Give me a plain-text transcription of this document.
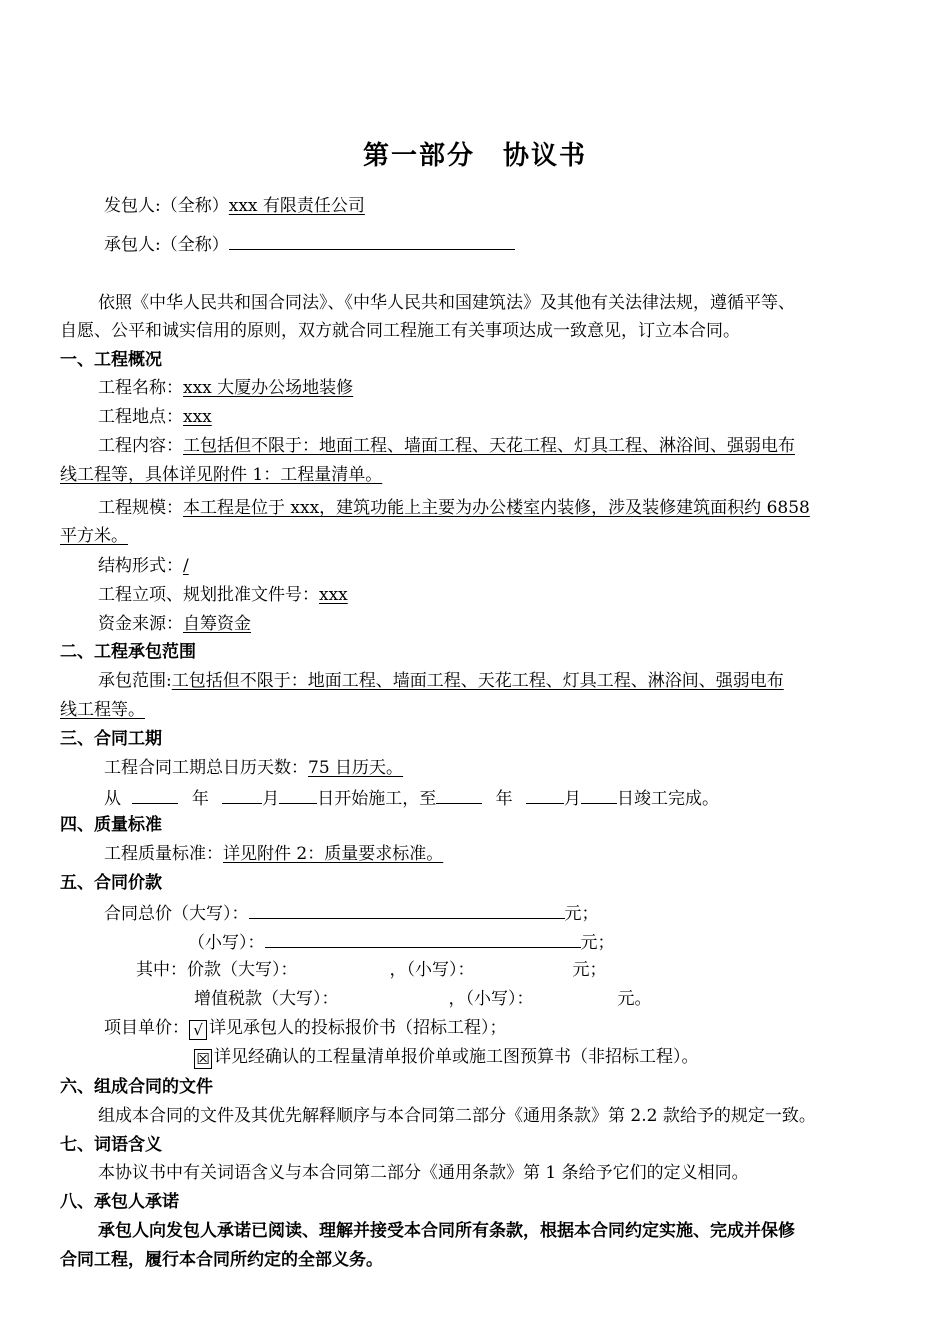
第一部分　协议书
发包人:（全称）xxx 有限责任公司
承包人:（全称）
依照《中华人民共和国合同法》、《中华人民共和国建筑法》及其他有关法律法规，遵循平等、
自愿、公平和诚实信用的原则，双方就合同工程施工有关事项达成一致意见，订立本合同。
一、工程概况
工程名称：xxx 大厦办公场地装修
工程地点：xxx
工程内容：工包括但不限于：地面工程、墙面工程、天花工程、灯具工程、淋浴间、强弱电布
线工程等，具体详见附件 1：工程量清单。
工程规模：本工程是位于 xxx，建筑功能上主要为办公楼室内装修，涉及装修建筑面积约 6858
平方米。
结构形式：/
工程立项、规划批准文件号：xxx
资金来源：自筹资金
二、工程承包范围
承包范围:工包括但不限于：地面工程、墙面工程、天花工程、灯具工程、淋浴间、强弱电布
线工程等。
三、合同工期
工程合同工期总日历天数：75 日历天。
从	年	月 日开始施工，至	年	月 日竣工完成。
四、质量标准
工程质量标准：详见附件 2：质量要求标准。
五、合同价款
合同总价（大写）：	元；
（小写）：	元；
其中：价款（大写）：	，（小写）：	元；
增值税款（大写）：	，（小写）：	元。
项目单价： √ 详见承包人的投标报价书（招标工程）；
☒ 详见经确认的工程量清单报价单或施工图预算书（非招标工程）。
六、组成合同的文件
组成本合同的文件及其优先解释顺序与本合同第二部分《通用条款》第 2.2 款给予的规定一致。
七、词语含义
本协议书中有关词语含义与本合同第二部分《通用条款》第 1 条给予它们的定义相同。
八、承包人承诺
承包人向发包人承诺已阅读、理解并接受本合同所有条款，根据本合同约定实施、完成并保修
合同工程，履行本合同所约定的全部义务。
